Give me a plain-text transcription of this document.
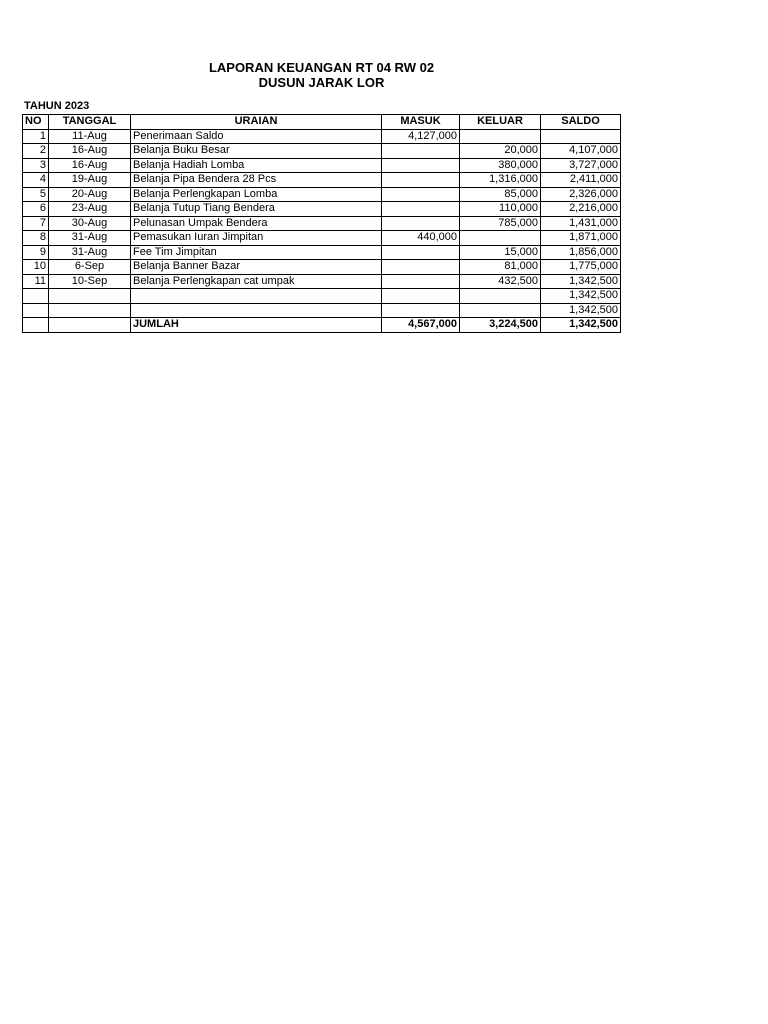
LAPORAN KEUANGAN RT 04 RW 02
DUSUN JARAK LOR
TAHUN 2023
NO	TANGGAL	URAIAN	MASUK	KELUAR	SALDO
1	11-Aug	Penerimaan Saldo	4,127,000		
2	16-Aug	Belanja Buku Besar		20,000	4,107,000
3	16-Aug	Belanja Hadiah Lomba		380,000	3,727,000
4	19-Aug	Belanja Pipa Bendera 28 Pcs		1,316,000	2,411,000
5	20-Aug	Belanja Perlengkapan Lomba		85,000	2,326,000
6	23-Aug	Belanja Tutup Tiang Bendera		110,000	2,216,000
7	30-Aug	Pelunasan Umpak Bendera		785,000	1,431,000
8	31-Aug	Pemasukan Iuran Jimpitan	440,000		1,871,000
9	31-Aug	Fee Tim Jimpitan		15,000	1,856,000
10	6-Sep	Belanja Banner Bazar		81,000	1,775,000
11	10-Sep	Belanja Perlengkapan cat umpak		432,500	1,342,500
					1,342,500
					1,342,500
		JUMLAH	4,567,000	3,224,500	1,342,500
